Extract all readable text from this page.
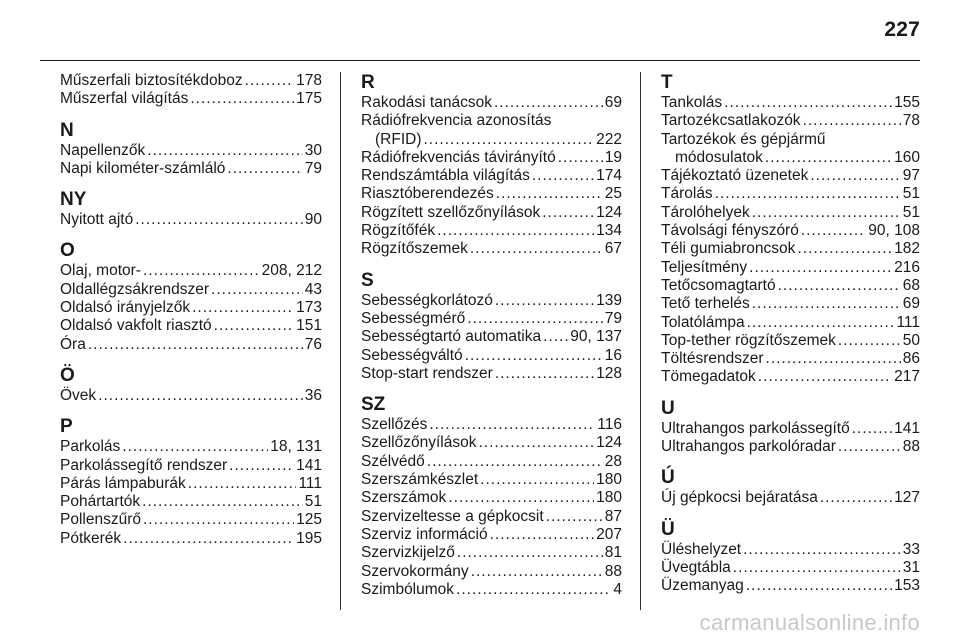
227
Műszerfali biztosítékdoboz .....	178
Műszerfal világítás .....	175
N
Napellenzők .....	30
Napi kilométer-számláló .....	79
NY
Nyitott ajtó .....	90
O
Olaj, motor- .....	208, 212
Oldallégzsákrendszer .....	43
Oldalsó irányjelzők .....	173
Oldalsó vakfolt riasztó .....	151
Óra .....	76
Ö
Övek .....	36
P
Parkolás .....	18, 131
Parkolássegítő rendszer .....	141
Párás lámpaburák .....	111
Pohártartók .....	51
Pollenszűrő .....	125
Pótkerék .....	195
R
Rakodási tanácsok .....	69
Rádiófrekvencia azonosítás
(RFID) .....	222
Rádiófrekvenciás távirányító .....	19
Rendszámtábla világítás .....	174
Riasztóberendezés .....	25
Rögzített szellőzőnyílások .....	124
Rögzítőfék .....	134
Rögzítőszemek .....	67
S
Sebességkorlátozó .....	139
Sebességmérő .....	79
Sebességtartó automatika ..... 90, 137
Sebességváltó .....	16
Stop-start rendszer .....	128
SZ
Szellőzés .....	116
Szellőzőnyílások .....	124
Szélvédő .....	28
Szerszámkészlet .....	180
Szerszámok .....	180
Szervizeltesse a gépkocsit .....	87
Szerviz információ .....	207
Szervizkijelző .....	81
Szervokormány .....	88
Szimbólumok .....	4
T
Tankolás .....	155
Tartozékcsatlakozók .....	78
Tartozékok és gépjármű
módosulatok .....	160
Tájékoztató üzenetek .....	97
Tárolás .....	51
Tárolóhelyek .....	51
Távolsági fényszóró .....	90, 108
Téli gumiabroncsok .....	182
Teljesítmény .....	216
Tetőcsomagtartó .....	68
Tető terhelés .....	69
Tolatólámpa .....	111
Top-tether rögzítőszemek .....	50
Töltésrendszer .....	86
Tömegadatok .....	217
U
Ultrahangos parkolássegítő .....	141
Ultrahangos parkolóradar .....	88
Ú
Új gépkocsi bejáratása .....	127
Ü
Üléshelyzet .....	33
Üvegtábla .....	31
Üzemanyag .....	153
carmanualsonline.info
